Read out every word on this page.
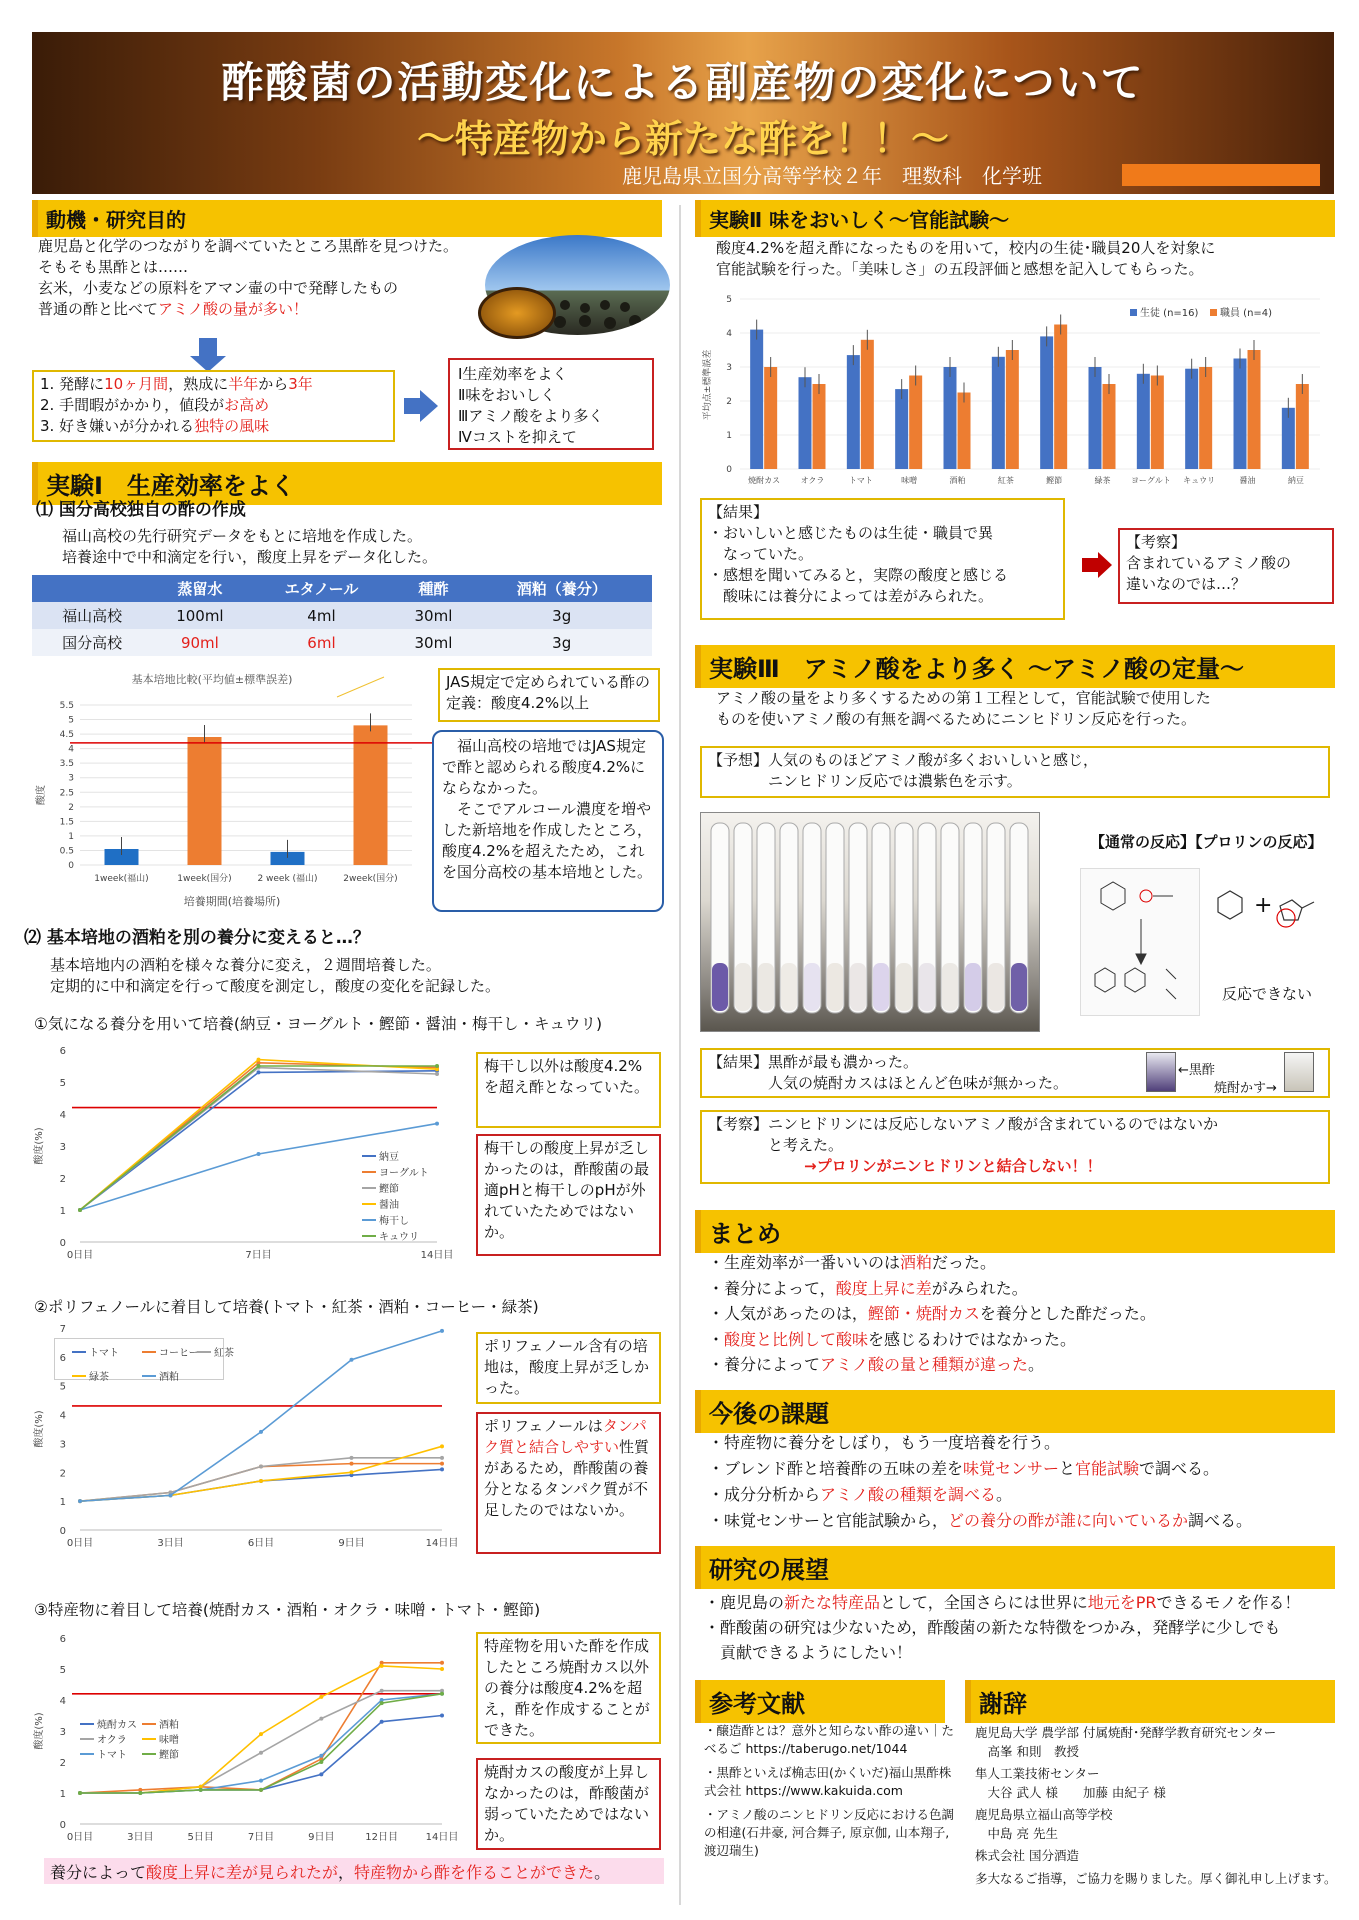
酢酸菌の活動変化による副産物の変化について
～特産物から新たな酢を！！～
鹿児島県立国分高等学校２年　理数科　化学班
動機・研究目的
鹿児島と化学のつながりを調べていたところ黒酢を見つけた。
そもそも黒酢とは……
玄米，小麦などの原料をアマン壷の中で発酵したもの
普通の酢と比べてアミノ酸の量が多い！
1. 発酵に10ヶ月間，熟成に半年から3年
2. 手間暇がかかり，値段がお高め
3. 好き嫌いが分かれる独特の風味
Ⅰ生産効率をよく
Ⅱ味をおいしく
Ⅲアミノ酸をより多く
Ⅳコストを抑えて
実験Ⅰ　生産効率をよく
⑴ 国分高校独自の酢の作成
福山高校の先行研究データをもとに培地を作成した。
培養途中で中和滴定を行い，酸度上昇をデータ化した。
	蒸留水	エタノール	種酢	酒粕（養分）
福山高校	100ml	4ml	30ml	3g
国分高校	90ml	6ml	30ml	3g
基本培地比較(平均値±標準誤差)
0
0.5
1
1.5
2
2.5
3
3.5
4
4.5
5
5.5
1week(福山)	1week(国分)	2 week (福山)	2week(国分)
培養期間(培養場所)
酸度
JAS規定で定められている酢の定義：酸度4.2%以上
福山高校の培地ではJAS規定で酢と認められる酸度4.2%にならなかった。
そこでアルコール濃度を増やした新培地を作成したところ，酸度4.2%を超えたため，これを国分高校の基本培地とした。
⑵ 基本培地の酒粕を別の養分に変えると…？
基本培地内の酒粕を様々な養分に変え，２週間培養した。
定期的に中和滴定を行って酸度を測定し，酸度の変化を記録した。
①気になる養分を用いて培養(納豆・ヨーグルト・鰹節・醤油・梅干し・キュウリ)
0
1
2
3
4
5
6
0日目	7日目	14日目
酸度(%)	納豆
ヨーグルト
鰹節
醤油
梅干し
キュウリ
梅干し以外は酸度4.2%を超え酢となっていた。
梅干しの酸度上昇が乏しかったのは，酢酸菌の最適pHと梅干しのpHが外れていたためではないか。
②ポリフェノールに着目して培養(トマト・紅茶・酒粕・コーヒー・緑茶)
0
1
2
3
4
5
6
7
0日目	3日目	6日目	9日目	14日目
酸度(%)
トマト	コーヒー 紅茶
緑茶	酒粕
ポリフェノール含有の培地は，酸度上昇が乏しかった。
ポリフェノールはタンパク質と結合しやすい性質があるため，酢酸菌の養分となるタンパク質が不足したのではないか。
③特産物に着目して培養(焼酎カス・酒粕・オクラ・味噌・トマト・鰹節)
0
1
2
3
4
5
6
0日目	3日目	5日目	7日目	9日目	12日目	14日目
酸度(%)	焼酎カス 酒粕
オクラ	味噌
トマト	鰹節
特産物を用いた酢を作成したところ焼酎カス以外の養分は酸度4.2%を超え，酢を作成することができた。
焼酎カスの酸度が上昇しなかったのは，酢酸菌が弱っていたためではないか。
養分によって酸度上昇に差が見られたが，特産物から酢を作ることができた。
実験Ⅱ 味をおいしく～官能試験～
酸度4.2%を超え酢になったものを用いて，校内の生徒･職員20人を対象に
官能試験を行った。「美味しさ」の五段評価と感想を記入してもらった。
0
1
2
3
4
5
焼酎カス	オクラ	トマト	味噌	酒粕	紅茶	鰹節	緑茶	ヨーグルト キュウリ	醤油	納豆
生徒 (n=16) 職員 (n=4)
平均点±標準誤差
【結果】
・おいしいと感じたものは生徒・職員で異
　なっていた。
・感想を聞いてみると，実際の酸度と感じる
　酸味には養分によっては差がみられた。
【考察】
含まれているアミノ酸の
違いなのでは…？
実験Ⅲ　アミノ酸をより多く ～アミノ酸の定量～
アミノ酸の量をより多くするための第１工程として，官能試験で使用した
ものを使いアミノ酸の有無を調べるためにニンヒドリン反応を行った。
【予想】人気のものほどアミノ酸が多くおいしいと感じ，
　　　　ニンヒドリン反応では濃紫色を示す。
【通常の反応】【プロリンの反応】
+
反応できない
【結果】黒酢が最も濃かった。
　　　　人気の焼酎カスはほとんど色味が無かった。
←黒酢
焼酎かす→
【考察】ニンヒドリンには反応しないアミノ酸が含まれているのではないか
　　　　と考えた。
→プロリンがニンヒドリンと結合しない！！
まとめ
・生産効率が一番いいのは酒粕だった。
・養分によって，酸度上昇に差がみられた。
・人気があったのは，鰹節・焼酎カスを養分とした酢だった。
・酸度と比例して酸味を感じるわけではなかった。
・養分によってアミノ酸の量と種類が違った。
今後の課題
・特産物に養分をしぼり，もう一度培養を行う。
・ブレンド酢と培養酢の五味の差を味覚センサーと官能試験で調べる。
・成分分析からアミノ酸の種類を調べる。
・味覚センサーと官能試験から，どの養分の酢が誰に向いているか調べる。
研究の展望
・鹿児島の新たな特産品として，全国さらには世界に地元をPRできるモノを作る！
・酢酸菌の研究は少ないため，酢酸菌の新たな特徴をつかみ，発酵学に少しでも
　貢献できるようにしたい！
参考文献
・醸造酢とは？意外と知らない酢の違い｜たべるご https://taberugo.net/1044
・黒酢といえば桷志田(かくいだ)福山黒酢株式会社 https://www.kakuida.com
・アミノ酸のニンヒドリン反応における色調の相違(石井豪, 河合舞子, 原京伽, 山本翔子, 渡辺瑞生)
謝辞
鹿児島大学 農学部 付属焼酎･発酵学教育研究センター
　高峯 和則　教授
隼人工業技術センター
　大谷 武人 様　　加藤 由紀子 様
鹿児島県立福山高等学校
　中島 亮 先生
株式会社 国分酒造
多大なるご指導，ご協力を賜りました。厚く御礼申し上げます。
